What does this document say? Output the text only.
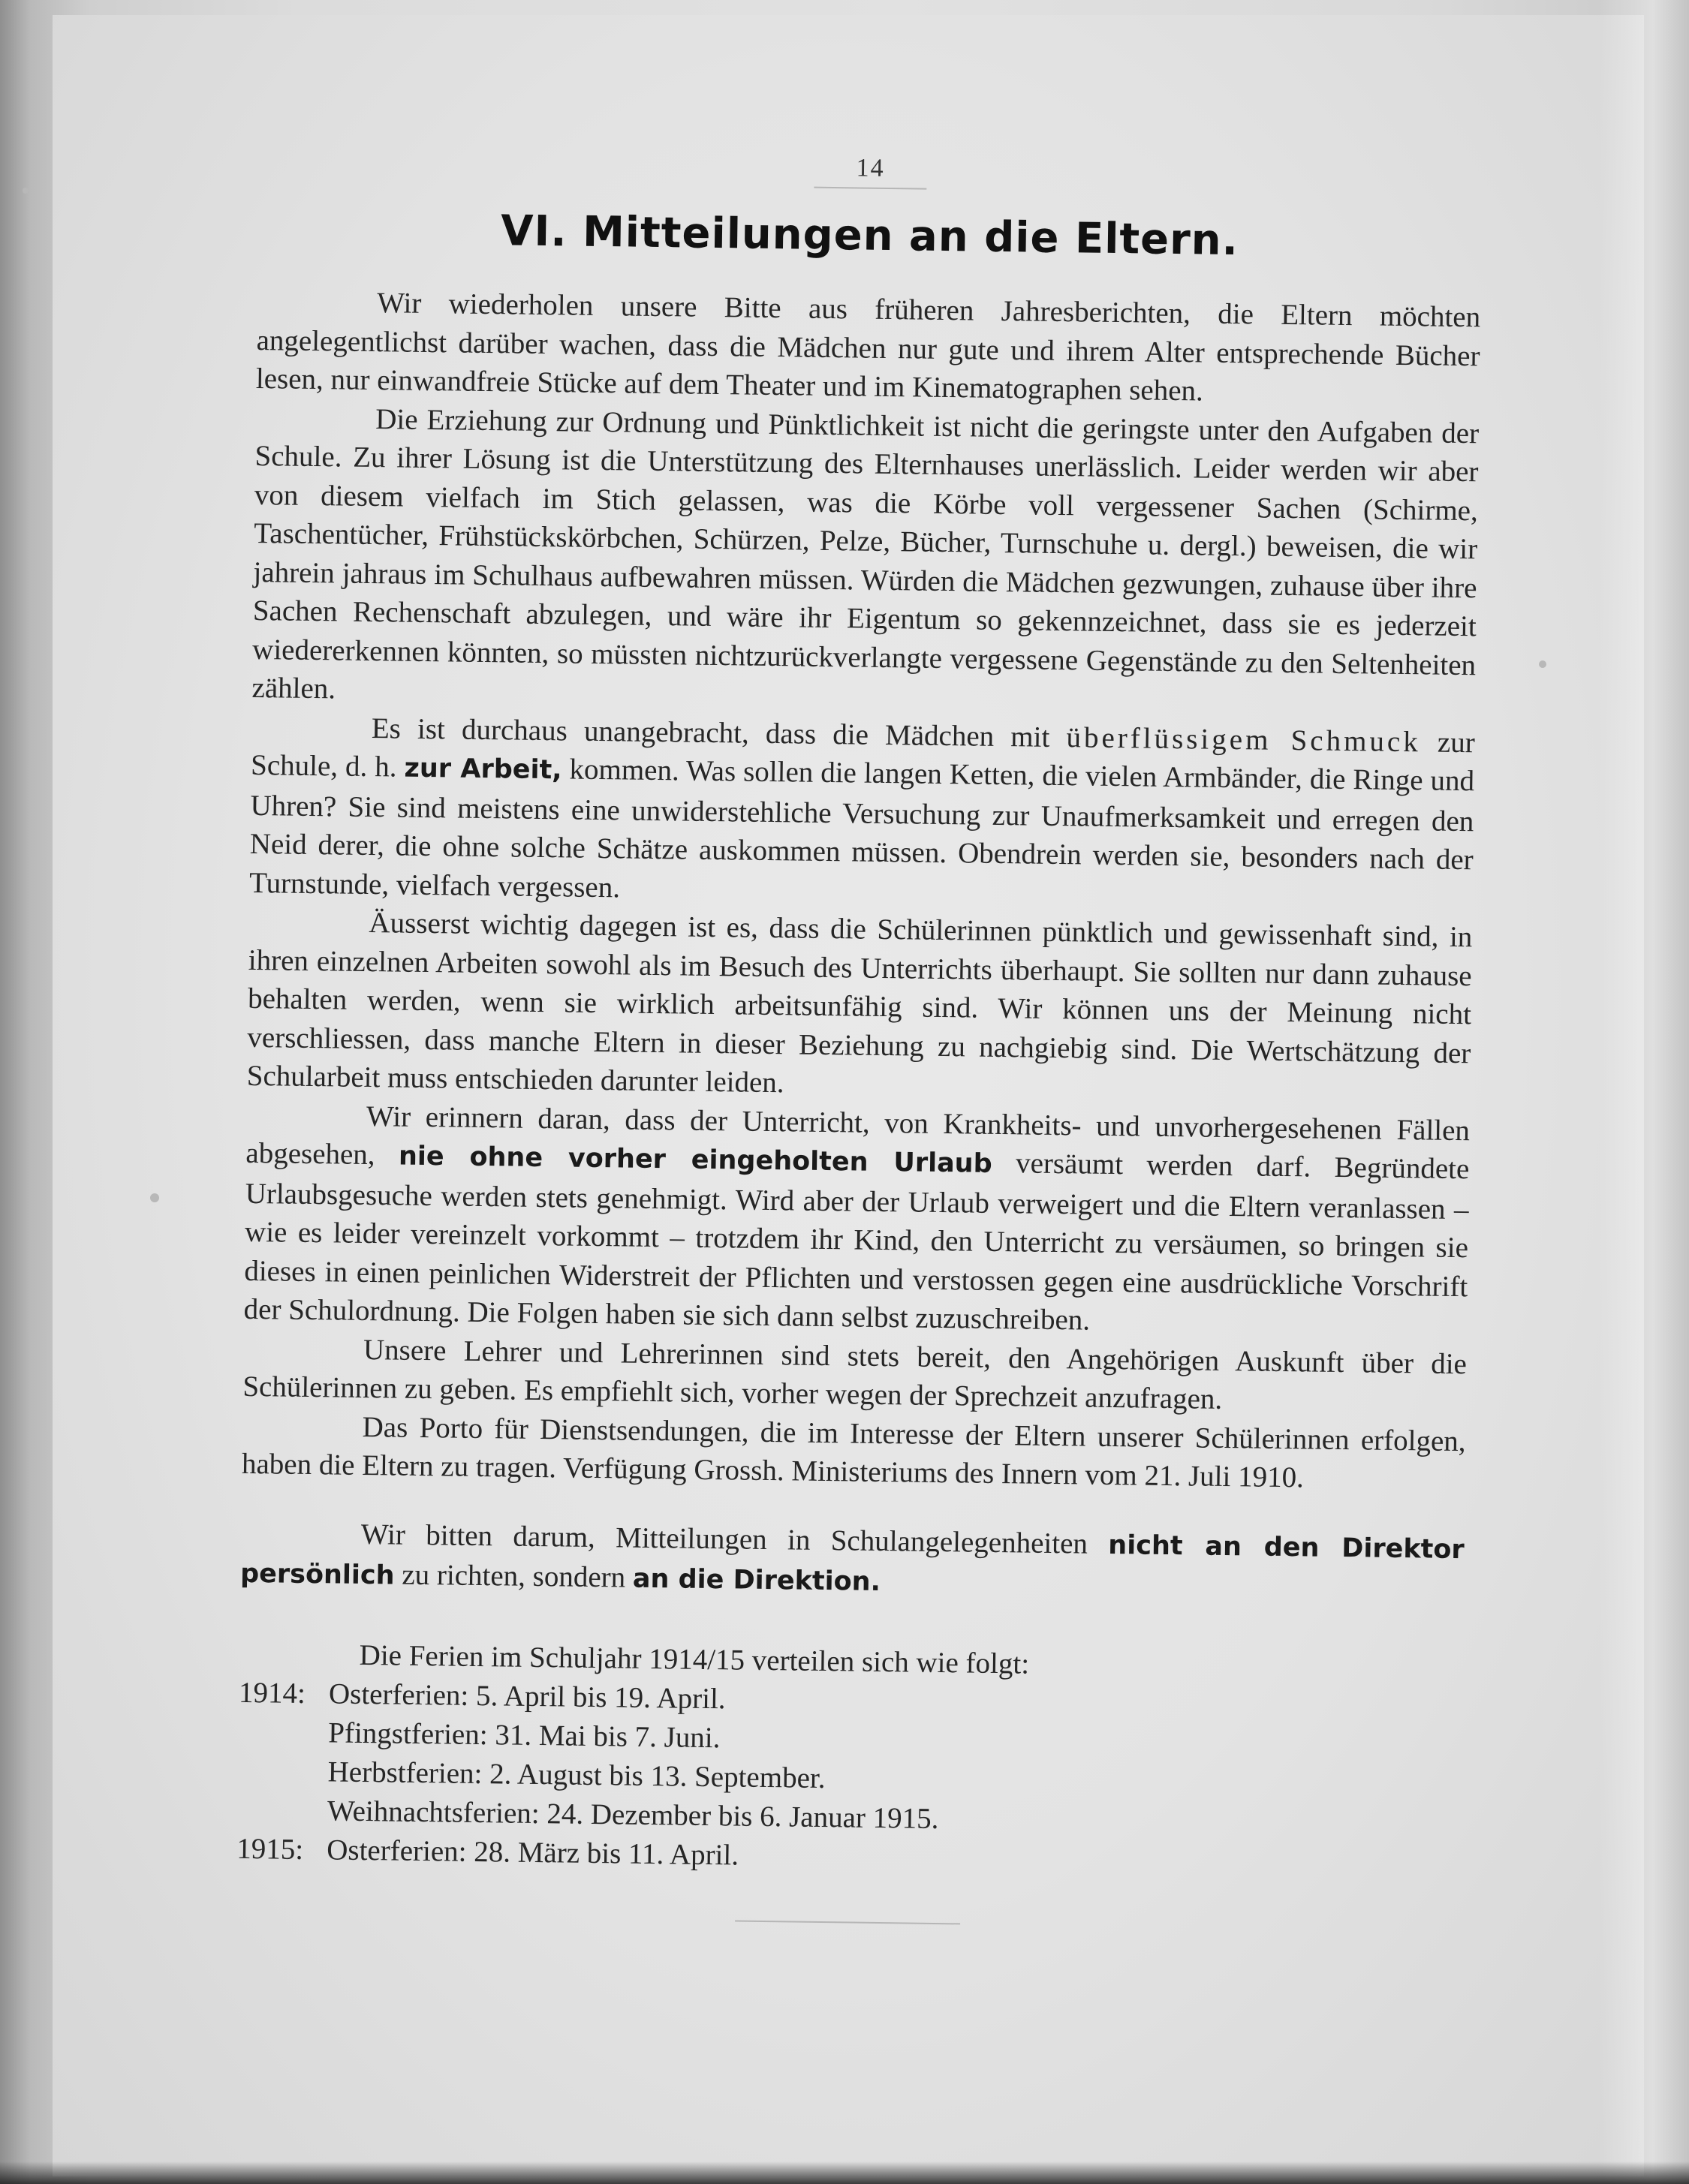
14
VI. Mitteilungen an die Eltern.

Wir wiederholen unsere Bitte aus früheren Jahresberichten, die Eltern möchten angelegentlichst darüber wachen, dass die Mädchen nur gute und ihrem Alter entsprechende Bücher lesen, nur einwandfreie Stücke auf dem Theater und im Kinematographen sehen.

Die Erziehung zur Ordnung und Pünktlichkeit ist nicht die geringste unter den Aufgaben der Schule. Zu ihrer Lösung ist die Unterstützung des Elternhauses unerlässlich. Leider werden wir aber von diesem vielfach im Stich gelassen, was die Körbe voll vergessener Sachen (Schirme, Taschentücher, Frühstückskörbchen, Schürzen, Pelze, Bücher, Turnschuhe u. dergl.) beweisen, die wir jahrein jahraus im Schulhaus aufbewahren müssen. Würden die Mädchen gezwungen, zuhause über ihre Sachen Rechenschaft abzulegen, und wäre ihr Eigentum so gekennzeichnet, dass sie es jederzeit wiedererkennen könnten, so müssten nichtzurückverlangte vergessene Gegenstände zu den Seltenheiten zählen.

Es ist durchaus unangebracht, dass die Mädchen mit überflüssigem Schmuck zur Schule, d. h. zur Arbeit, kommen. Was sollen die langen Ketten, die vielen Armbänder, die Ringe und Uhren? Sie sind meistens eine unwiderstehliche Versuchung zur Unaufmerksamkeit und erregen den Neid derer, die ohne solche Schätze auskommen müssen. Obendrein werden sie, besonders nach der Turnstunde, vielfach vergessen.

Äusserst wichtig dagegen ist es, dass die Schülerinnen pünktlich und gewissenhaft sind, in ihren einzelnen Arbeiten sowohl als im Besuch des Unterrichts überhaupt. Sie sollten nur dann zuhause behalten werden, wenn sie wirklich arbeitsunfähig sind. Wir können uns der Meinung nicht verschliessen, dass manche Eltern in dieser Beziehung zu nachgiebig sind. Die Wertschätzung der Schularbeit muss entschieden darunter leiden.

Wir erinnern daran, dass der Unterricht, von Krankheits- und unvorhergesehenen Fällen abgesehen, nie ohne vorher eingeholten Urlaub versäumt werden darf. Begründete Urlaubsgesuche werden stets genehmigt. Wird aber der Urlaub verweigert und die Eltern veranlassen – wie es leider vereinzelt vorkommt – trotzdem ihr Kind, den Unterricht zu versäumen, so bringen sie dieses in einen peinlichen Widerstreit der Pflichten und verstossen gegen eine ausdrückliche Vorschrift der Schulordnung. Die Folgen haben sie sich dann selbst zuzuschreiben.

Unsere Lehrer und Lehrerinnen sind stets bereit, den Angehörigen Auskunft über die Schülerinnen zu geben. Es empfiehlt sich, vorher wegen der Sprechzeit anzufragen.

Das Porto für Dienstsendungen, die im Interesse der Eltern unserer Schülerinnen erfolgen, haben die Eltern zu tragen. Verfügung Grossh. Ministeriums des Innern vom 21. Juli 1910.

Wir bitten darum, Mitteilungen in Schulangelegenheiten nicht an den Direktor persönlich zu richten, sondern an die Direktion.

Die Ferien im Schuljahr 1914/15 verteilen sich wie folgt:
1914: Osterferien: 5. April bis 19. April.
Pfingstferien: 31. Mai bis 7. Juni.
Herbstferien: 2. August bis 13. September.
Weihnachtsferien: 24. Dezember bis 6. Januar 1915.
1915: Osterferien: 28. März bis 11. April.
